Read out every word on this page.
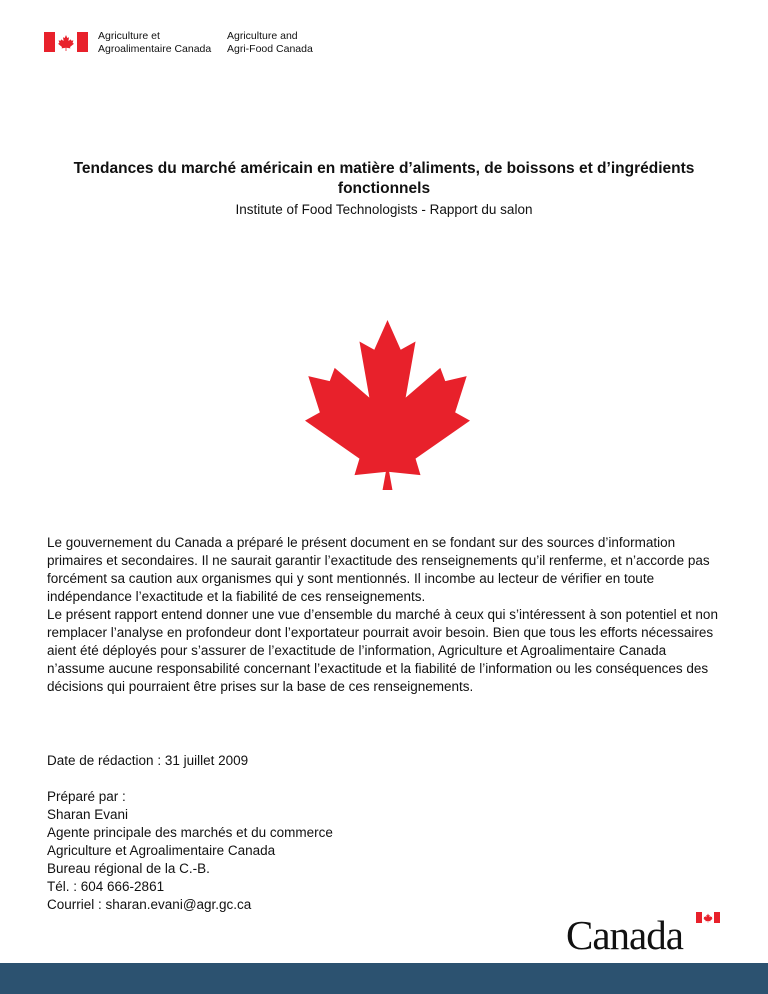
Agriculture et
Agroalimentaire Canada
Agriculture and
Agri-Food Canada
Tendances du marché américain en matière d’aliments, de boissons et d’ingrédients fonctionnels
Institute of Food Technologists - Rapport du salon

Le gouvernement du Canada a préparé le présent document en se fondant sur des sources d’information primaires et secondaires. Il ne saurait garantir l’exactitude des renseignements qu’il renferme, et n’accorde pas forcément sa caution aux organismes qui y sont mentionnés. Il incombe au lecteur de vérifier en toute indépendance l’exactitude et la fiabilité de ces renseignements.

Le présent rapport entend donner une vue d’ensemble du marché à ceux qui s’intéressent à son potentiel et non remplacer l’analyse en profondeur dont l’exportateur pourrait avoir besoin. Bien que tous les efforts nécessaires aient été déployés pour s’assurer de l’exactitude de l’information, Agriculture et Agroalimentaire Canada n’assume aucune responsabilité concernant l’exactitude et la fiabilité de l’information ou les conséquences des décisions qui pourraient être prises sur la base de ces renseignements.

Date de rédaction : 31 juillet 2009
Préparé par :
Sharan Evani
Agente principale des marchés et du commerce
Agriculture et Agroalimentaire Canada
Bureau régional de la C.-B.
Tél. : 604 666-2861
Courriel : sharan.evani@agr.gc.ca
Canada
